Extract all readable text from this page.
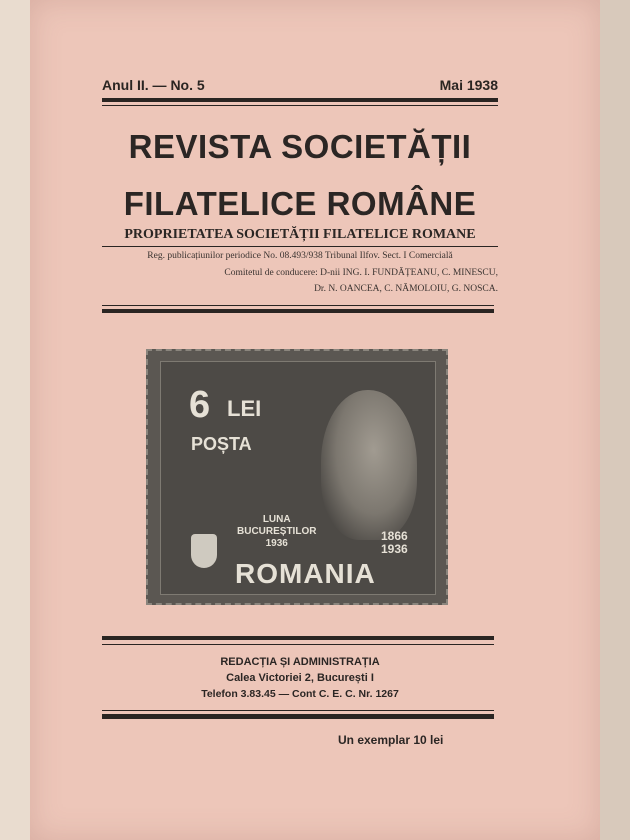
Anul II. — No. 5	Mai 1938
REVISTA SOCIETĂȚII
FILATELICE ROMÂNE
PROPRIETATEA SOCIETĂȚII FILATELICE ROMANE
Reg. publicațiunilor periodice No. 08.493/938 Tribunal Ilfov. Sect. I Comercială
Comitetul de conducere: D-nii ING. I. FUNDĂȚEANU, C. MINESCU,
Dr. N. OANCEA, C. NĂMOLOIU, G. NOSCA.
6 LEI
POȘTA
LUNA
BUCUREȘTILOR
1936
1866
1936
ROMANIA
REDACȚIA ȘI ADMINISTRAȚIA
Calea Victoriei 2, București I
Telefon 3.83.45 — Cont C. E. C. Nr. 1267
Un exemplar 10 lei
